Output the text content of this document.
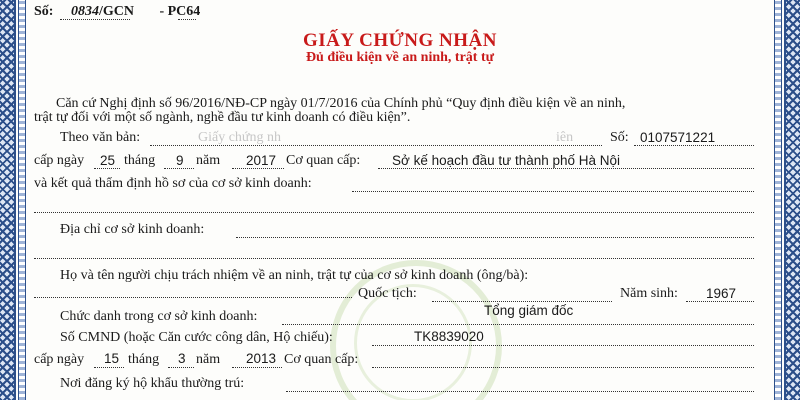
Số: 0834/GCN - PC64
GIẤY CHỨNG NHẬN
Đủ điều kiện về an ninh, trật tự
Căn cứ Nghị định số 96/2016/NĐ-CP ngày 01/7/2016 của Chính phủ “Quy định điều kiện về an ninh,
trật tự đối với một số ngành, nghề đầu tư kinh doanh có điều kiện”.
Theo văn bản:	Giấy chứng nh	iên	Số: 0107571221
cấp ngày 25 tháng 9 năm 2017 Cơ quan cấp: Sở kế hoạch đầu tư thành phố Hà Nội
và kết quả thẩm định hồ sơ của cơ sở kinh doanh:
Địa chỉ cơ sở kinh doanh:
Họ và tên người chịu trách nhiệm về an ninh, trật tự của cơ sở kinh doanh (ông/bà):
Quốc tịch:	Năm sinh: 1967
Chức danh trong cơ sở kinh doanh:	Tổng giám đốc
Số CMND (hoặc Căn cước công dân, Hộ chiếu):	TK8839020
cấp ngày 15 tháng 3 năm 2013 Cơ quan cấp:
Nơi đăng ký hộ khẩu thường trú:
